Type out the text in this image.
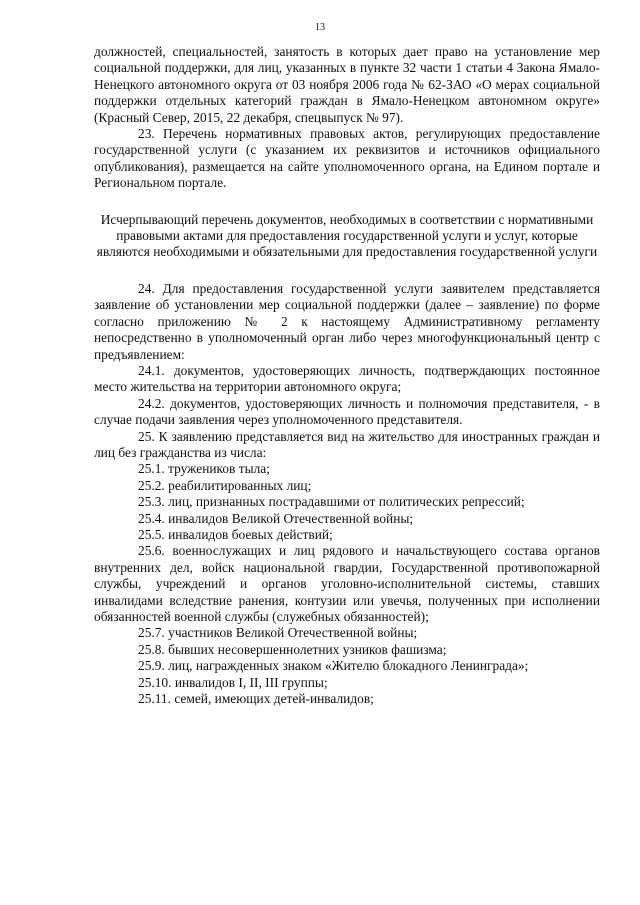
13

должностей, специальностей, занятость в которых дает право на установление мер социальной поддержки, для лиц, указанных в пункте 32 части 1 статьи 4 Закона Ямало-Ненецкого автономного округа от 03 ноября 2006 года № 62-ЗАО «О мерах социальной поддержки отдельных категорий граждан в Ямало-Ненецком автономном округе» (Красный Север, 2015, 22 декабря, спецвыпуск № 97).

23. Перечень нормативных правовых актов, регулирующих предоставление государственной услуги (с указанием их реквизитов и источников официального опубликования), размещается на сайте уполномоченного органа, на Едином портале и Региональном портале.

Исчерпывающий перечень документов, необходимых в соответствии с нормативными правовыми актами для предоставления государственной услуги и услуг, которые являются необходимыми и обязательными для предоставления государственной услуги

24. Для предоставления государственной услуги заявителем представляется заявление об установлении мер социальной поддержки (далее – заявление) по форме согласно приложению № 2 к настоящему Административному регламенту непосредственно в уполномоченный орган либо через многофункциональный центр с предъявлением:

24.1. документов, удостоверяющих личность, подтверждающих постоянное место жительства на территории автономного округа;

24.2. документов, удостоверяющих личность и полномочия представителя, - в случае подачи заявления через уполномоченного представителя.

25. К заявлению представляется вид на жительство для иностранных граждан и лиц без гражданства из числа:

25.1. тружеников тыла;

25.2. реабилитированных лиц;

25.3. лиц, признанных пострадавшими от политических репрессий;

25.4. инвалидов Великой Отечественной войны;

25.5. инвалидов боевых действий;

25.6. военнослужащих и лиц рядового и начальствующего состава органов внутренних дел, войск национальной гвардии, Государственной противопожарной службы, учреждений и органов уголовно-исполнительной системы, ставших инвалидами вследствие ранения, контузии или увечья, полученных при исполнении обязанностей военной службы (служебных обязанностей);

25.7. участников Великой Отечественной войны;

25.8. бывших несовершеннолетних узников фашизма;

25.9. лиц, награжденных знаком «Жителю блокадного Ленинграда»;

25.10. инвалидов I, II, III группы;

25.11. семей, имеющих детей-инвалидов;
